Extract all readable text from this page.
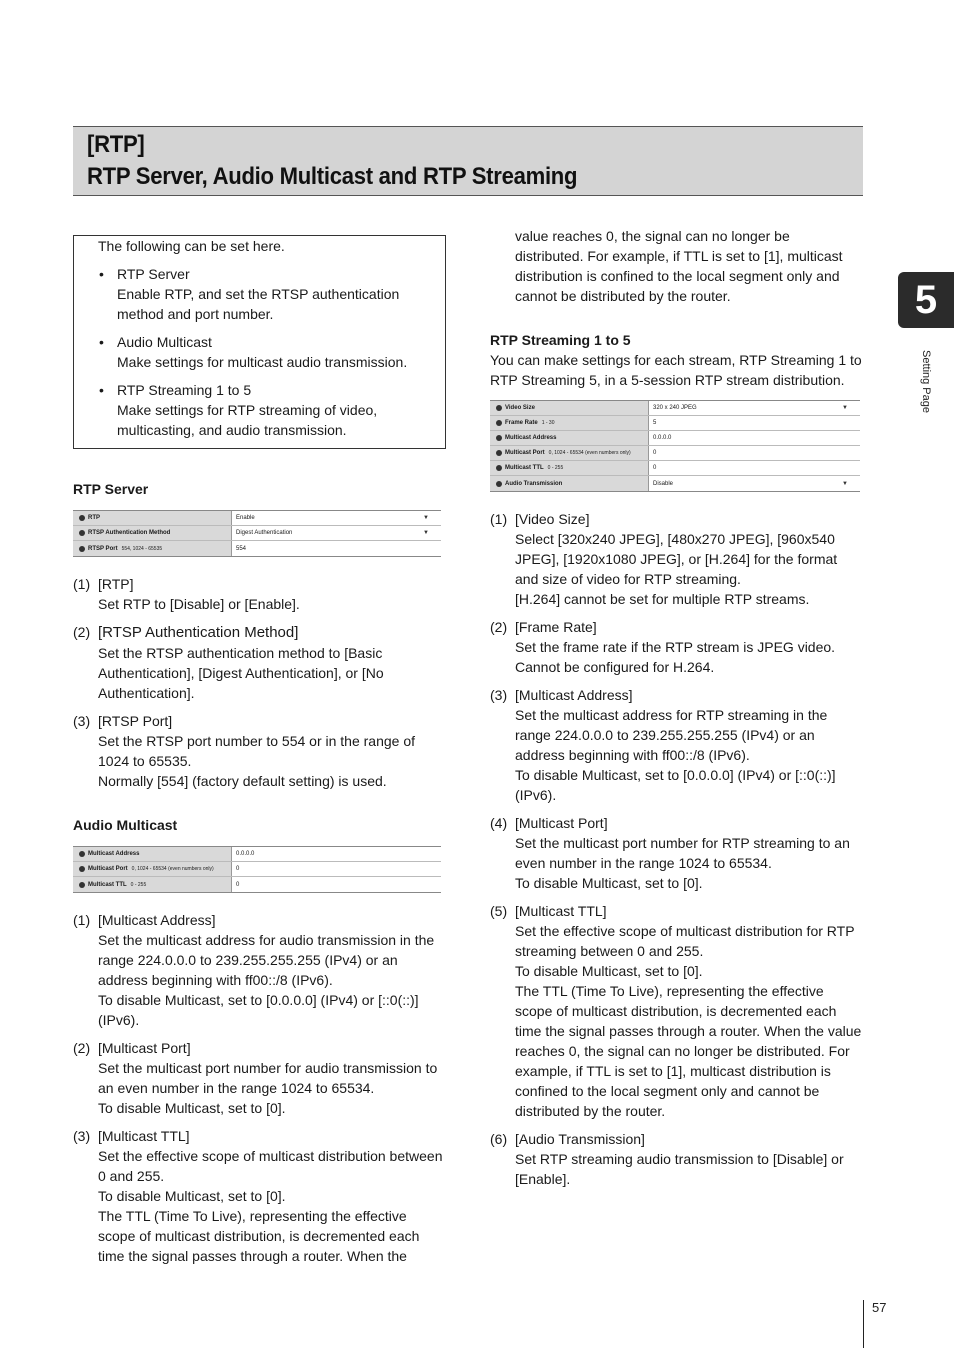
[RTP]
RTP Server, Audio Multicast and RTP Streaming

The following can be set here.

• RTP Server
Enable RTP, and set the RTSP authentication method and port number.
• Audio Multicast
Make settings for multicast audio transmission.
• RTP Streaming 1 to 5
Make settings for RTP streaming of video, multicasting, and audio transmission.
RTP Server
RTP	Enable	▼
RTSP Authentication Method	Digest Authentication	▼
RTSP Port 554, 1024 - 65535	554
(1) [RTP]
Set RTP to [Disable] or [Enable].
(2) [RTSP Authentication Method]
Set the RTSP authentication method to [Basic Authentication], [Digest Authentication], or [No Authentication].
(3) [RTSP Port]
Set the RTSP port number to 554 or in the range of 1024 to 65535.
Normally [554] (factory default setting) is used.
Audio Multicast
Multicast Address	0.0.0.0
Multicast Port 0, 1024 - 65534 (even numbers only)	0
Multicast TTL 0 - 255	0
(1) [Multicast Address]
Set the multicast address for audio transmission in the range 224.0.0.0 to 239.255.255.255 (IPv4) or an address beginning with ff00::/8 (IPv6).
To disable Multicast, set to [0.0.0.0] (IPv4) or [::0(::)] (IPv6).
(2) [Multicast Port]
Set the multicast port number for audio transmission to an even number in the range 1024 to 65534.
To disable Multicast, set to [0].
(3) [Multicast TTL]
Set the effective scope of multicast distribution between 0 and 255.
To disable Multicast, set to [0].
The TTL (Time To Live), representing the effective scope of multicast distribution, is decremented each time the signal passes through a router. When the

value reaches 0, the signal can no longer be distributed. For example, if TTL is set to [1], multicast distribution is confined to the local segment only and cannot be distributed by the router.

RTP Streaming 1 to 5

You can make settings for each stream, RTP Streaming 1 to RTP Streaming 5, in a 5-session RTP stream distribution.

Video Size	320 x 240 JPEG	▼
Frame Rate 1 - 30	5
Multicast Address	0.0.0.0
Multicast Port 0, 1024 - 65534 (even numbers only)	0
Multicast TTL 0 - 255	0
Audio Transmission	Disable	▼
(1) [Video Size]
Select [320x240 JPEG], [480x270 JPEG], [960x540 JPEG], [1920x1080 JPEG], or [H.264] for the format and size of video for RTP streaming.
[H.264] cannot be set for multiple RTP streams.
(2) [Frame Rate]
Set the frame rate if the RTP stream is JPEG video.
Cannot be configured for H.264.
(3) [Multicast Address]
Set the multicast address for RTP streaming in the range 224.0.0.0 to 239.255.255.255 (IPv4) or an address beginning with ff00::/8 (IPv6).
To disable Multicast, set to [0.0.0.0] (IPv4) or [::0(::)] (IPv6).
(4) [Multicast Port]
Set the multicast port number for RTP streaming to an even number in the range 1024 to 65534.
To disable Multicast, set to [0].
(5) [Multicast TTL]
Set the effective scope of multicast distribution for RTP streaming between 0 and 255.
To disable Multicast, set to [0].
The TTL (Time To Live), representing the effective scope of multicast distribution, is decremented each time the signal passes through a router. When the value reaches 0, the signal can no longer be distributed. For example, if TTL is set to [1], multicast distribution is confined to the local segment only and cannot be distributed by the router.
(6) [Audio Transmission]
Set RTP streaming audio transmission to [Disable] or [Enable].
5
Setting Page
57
